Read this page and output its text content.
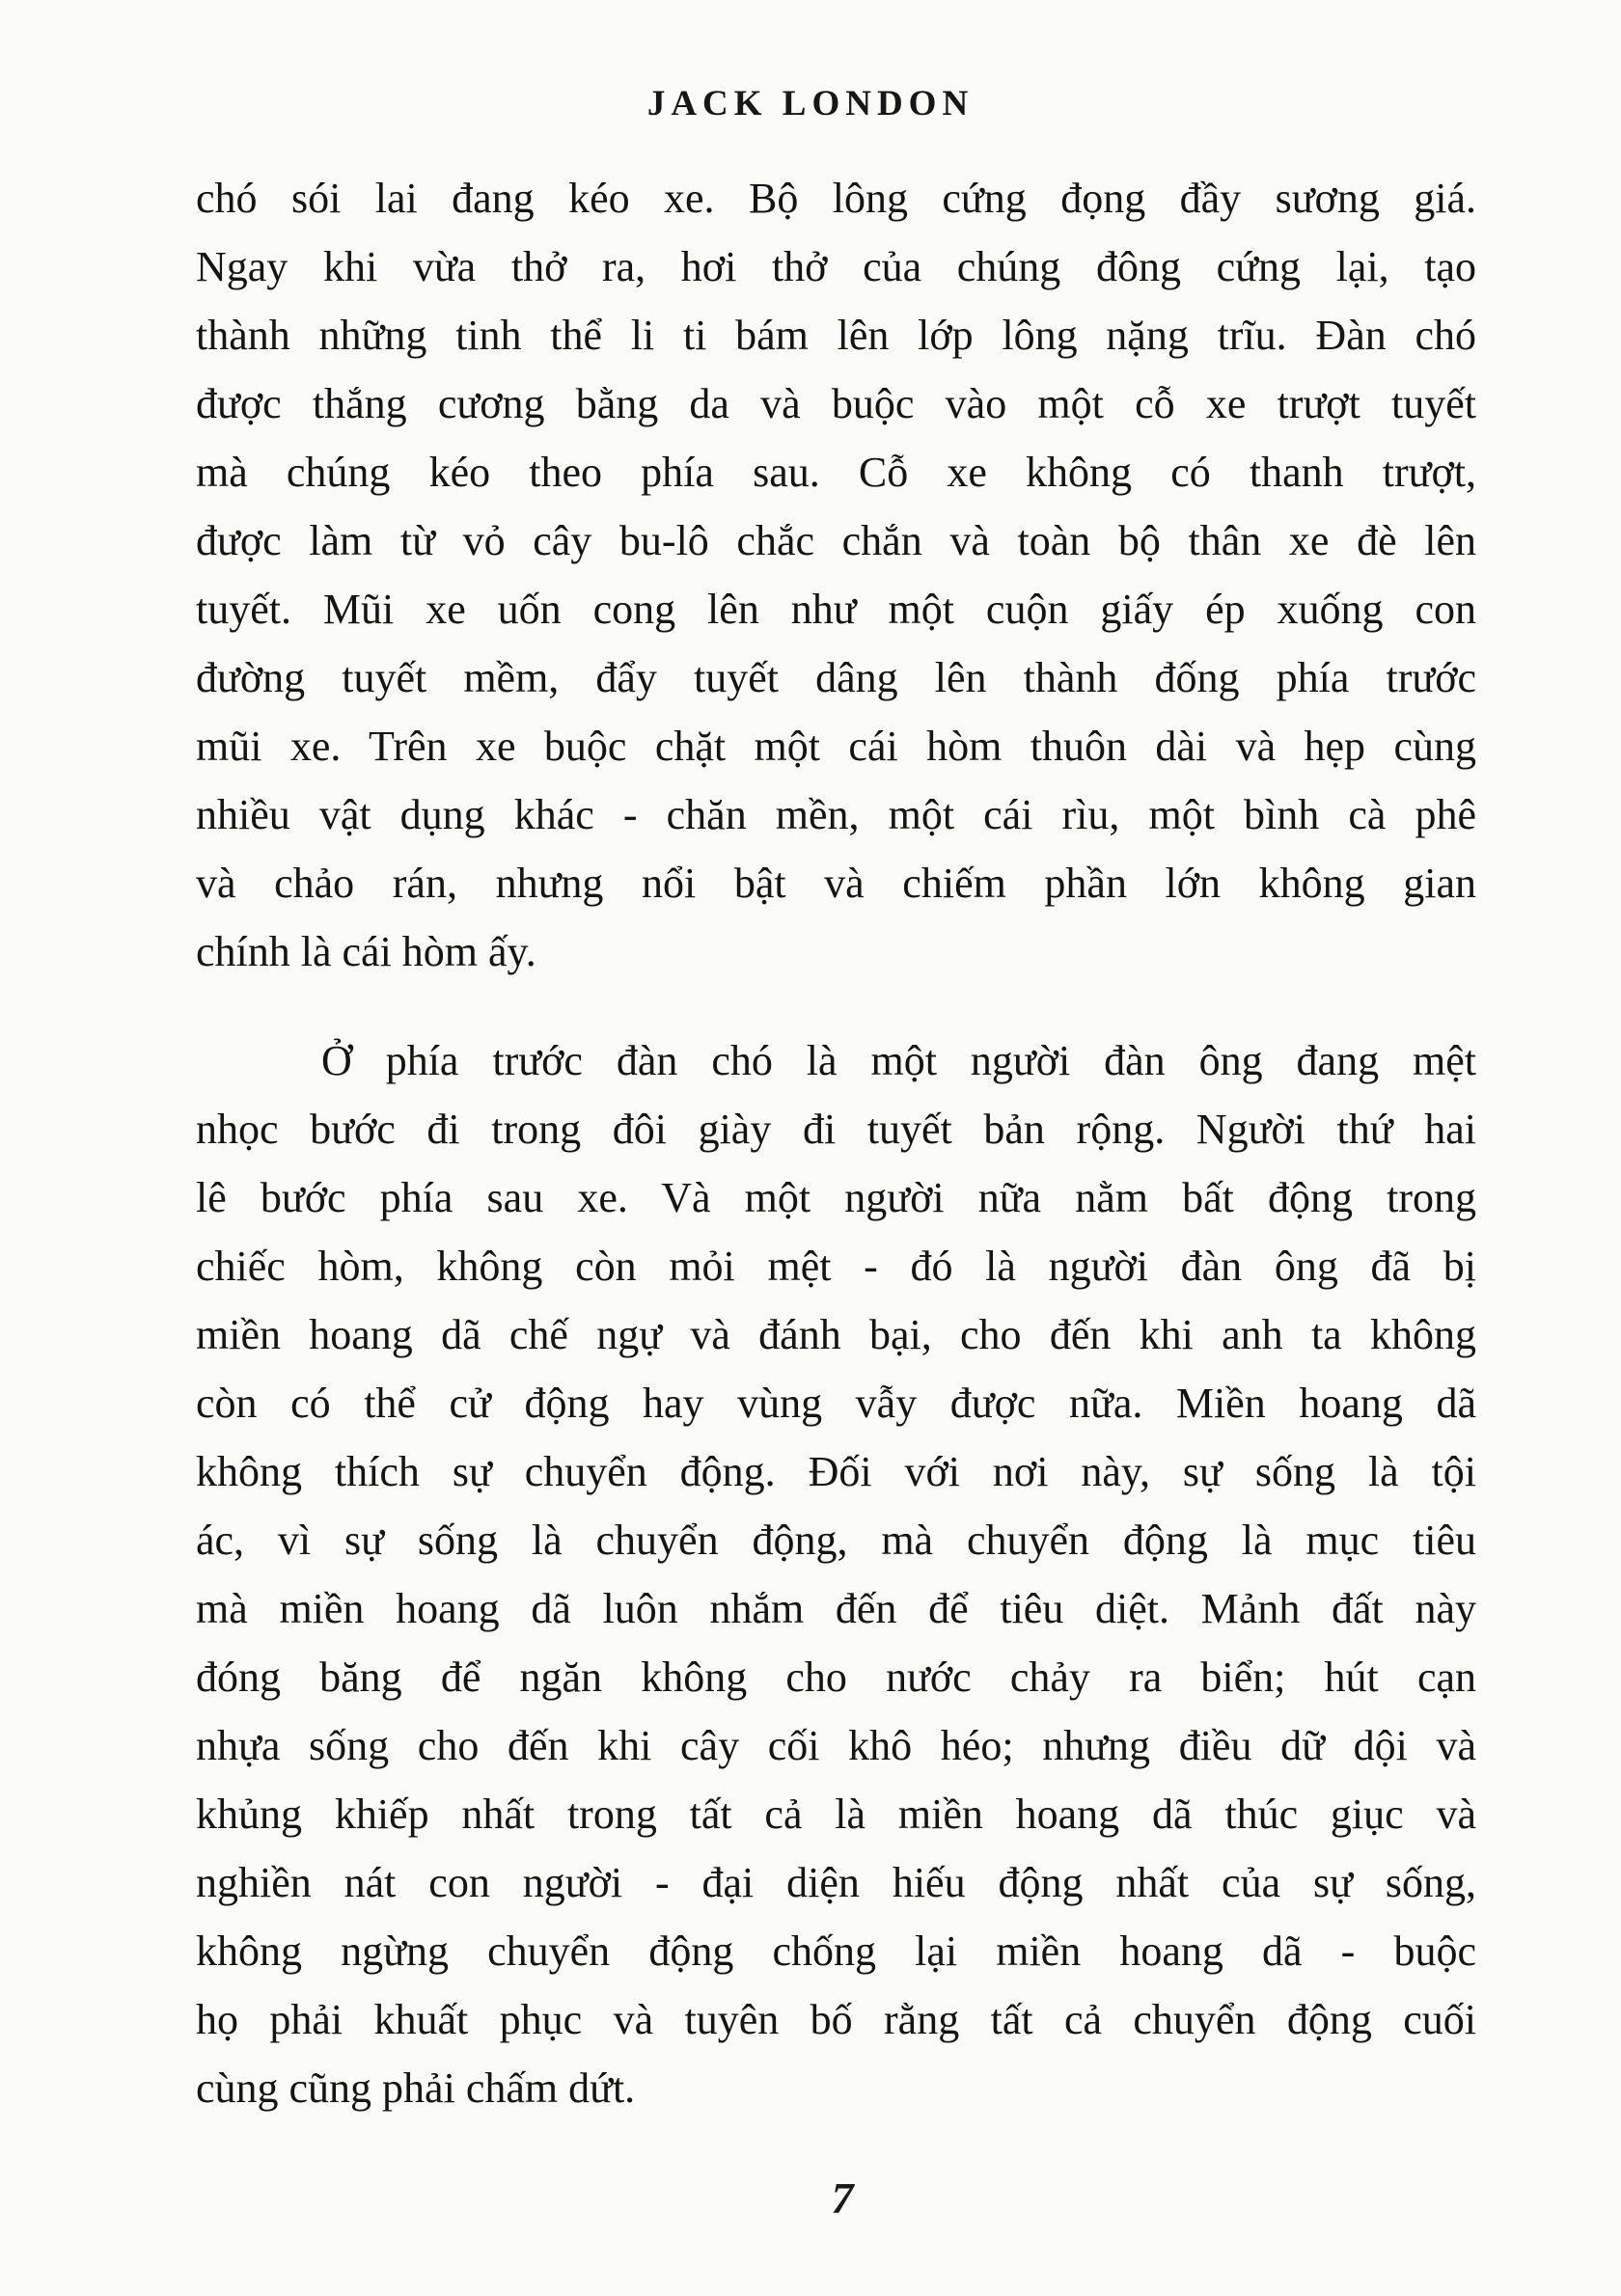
JACK LONDON
chó sói lai đang kéo xe. Bộ lông cứng đọng đầy sương giá.
Ngay khi vừa thở ra, hơi thở của chúng đông cứng lại, tạo
thành những tinh thể li ti bám lên lớp lông nặng trĩu. Đàn chó
được thắng cương bằng da và buộc vào một cỗ xe trượt tuyết
mà chúng kéo theo phía sau. Cỗ xe không có thanh trượt,
được làm từ vỏ cây bu-lô chắc chắn và toàn bộ thân xe đè lên
tuyết. Mũi xe uốn cong lên như một cuộn giấy ép xuống con
đường tuyết mềm, đẩy tuyết dâng lên thành đống phía trước
mũi xe. Trên xe buộc chặt một cái hòm thuôn dài và hẹp cùng
nhiều vật dụng khác - chăn mền, một cái rìu, một bình cà phê
và chảo rán, nhưng nổi bật và chiếm phần lớn không gian
chính là cái hòm ấy.
Ở phía trước đàn chó là một người đàn ông đang mệt
nhọc bước đi trong đôi giày đi tuyết bản rộng. Người thứ hai
lê bước phía sau xe. Và một người nữa nằm bất động trong
chiếc hòm, không còn mỏi mệt - đó là người đàn ông đã bị
miền hoang dã chế ngự và đánh bại, cho đến khi anh ta không
còn có thể cử động hay vùng vẫy được nữa. Miền hoang dã
không thích sự chuyển động. Đối với nơi này, sự sống là tội
ác, vì sự sống là chuyển động, mà chuyển động là mục tiêu
mà miền hoang dã luôn nhắm đến để tiêu diệt. Mảnh đất này
đóng băng để ngăn không cho nước chảy ra biển; hút cạn
nhựa sống cho đến khi cây cối khô héo; nhưng điều dữ dội và
khủng khiếp nhất trong tất cả là miền hoang dã thúc giục và
nghiền nát con người - đại diện hiếu động nhất của sự sống,
không ngừng chuyển động chống lại miền hoang dã - buộc
họ phải khuất phục và tuyên bố rằng tất cả chuyển động cuối
cùng cũng phải chấm dứt.
7
